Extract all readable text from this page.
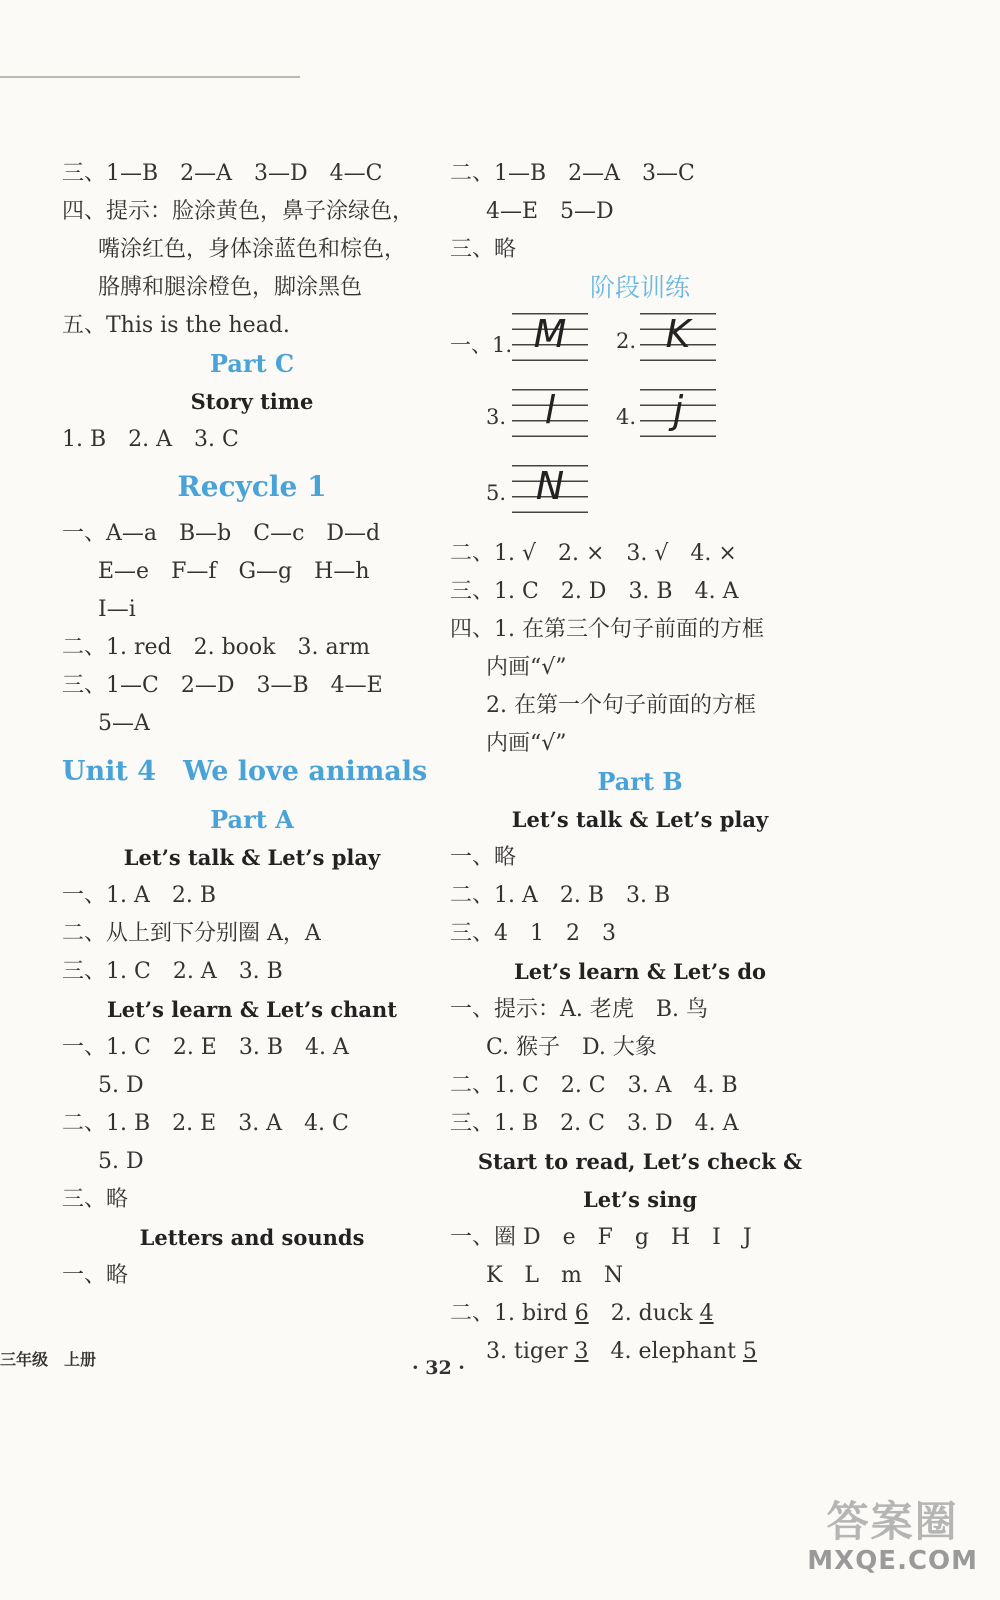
三、1—B　2—A　3—D　4—C
四、提示：脸涂黄色，鼻子涂绿色，
嘴涂红色，身体涂蓝色和棕色，
胳膊和腿涂橙色，脚涂黑色
五、This is the head.
Part C
Story time
1. B　2. A　3. C
Recycle 1
一、A—a　B—b　C—c　D—d
E—e　F—f　G—g　H—h
I—i
二、1. red　2. book　3. arm
三、1—C　2—D　3—B　4—E
5—A
Unit 4　We love animals
Part A
Let’s talk & Let’s play
一、1. A　2. B
二、从上到下分别圈 A，A
三、1. C　2. A　3. B
Let’s learn & Let’s chant
一、1. C　2. E　3. B　4. A
5. D
二、1. B　2. E　3. A　4. C
5. D
三、略
Letters and sounds
一、略
二、1—B　2—A　3—C
4—E　5—D
三、略
阶段训练
一、1. M	2. K
3.	l	4. j
5. N
二、1. √　2. ×　3. √　4. ×
三、1. C　2. D　3. B　4. A
四、1. 在第三个句子前面的方框
内画“√”
2. 在第一个句子前面的方框
内画“√”
Part B
Let’s talk & Let’s play
一、略
二、1. A　2. B　3. B
三、4　1　2　3
Let’s learn & Let’s do
一、提示：A. 老虎　B. 鸟
C. 猴子　D. 大象
二、1. C　2. C　3. A　4. B
三、1. B　2. C　3. D　4. A
Start to read, Let’s check &
Let’s sing
一、圈 D　e　F　g　H　I　J
K　L　m　N
二、1. bird 6　2. duck 4
3. tiger 3　4. elephant 5
三年级　上册	· 32 ·
答案圈
MXQE.COM
